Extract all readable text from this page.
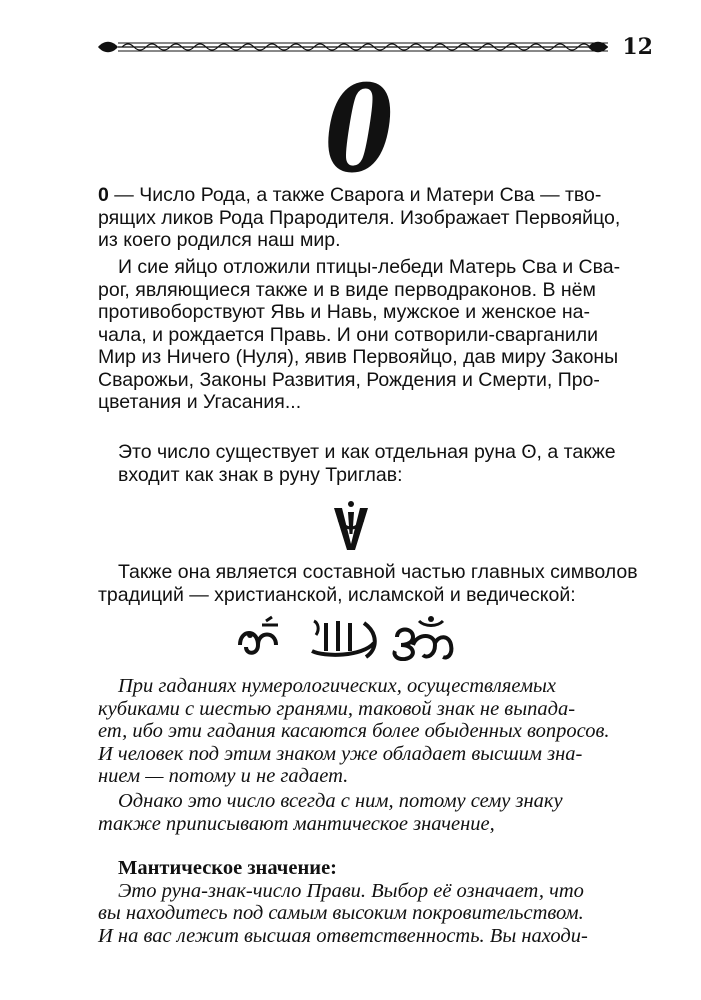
12
0

0 — Число Рода, а также Сварога и Матери Сва — тво-
рящих ликов Рода Прародителя. Изображает Первояйцо,
из коего родился наш мир.

И сие яйцо отложили птицы-лебеди Матерь Сва и Сва-
рог, являющиеся также и в виде перводраконов. В нём
противоборствуют Явь и Навь, мужское и женское на-
чала, и рождается Правь. И они сотворили-сварганили
Мир из Ничего (Нуля), явив Первояйцо, дав миру Законы
Сварожьи, Законы Развития, Рождения и Смерти, Про-
цветания и Угасания...

Это число существует и как отдельная руна ʘ, а также
входит как знак в руну Триглав:

Также она является составной частью главных символов
традиций — христианской, исламской и ведической:

При гаданиях нумерологических, осуществляемых
кубиками с шестью гранями, таковой знак не выпада-
ет, ибо эти гадания касаются более обыденных вопросов.
И человек под этим знаком уже обладает высшим зна-
нием — потому и не гадает.

Однако это число всегда с ним, потому сему знаку
также приписывают мантическое значение,

Мантическое значение:

Это руна-знак-число Прави. Выбор её означает, что
вы находитесь под самым высоким покровительством.
И на вас лежит высшая ответственность. Вы находи-
